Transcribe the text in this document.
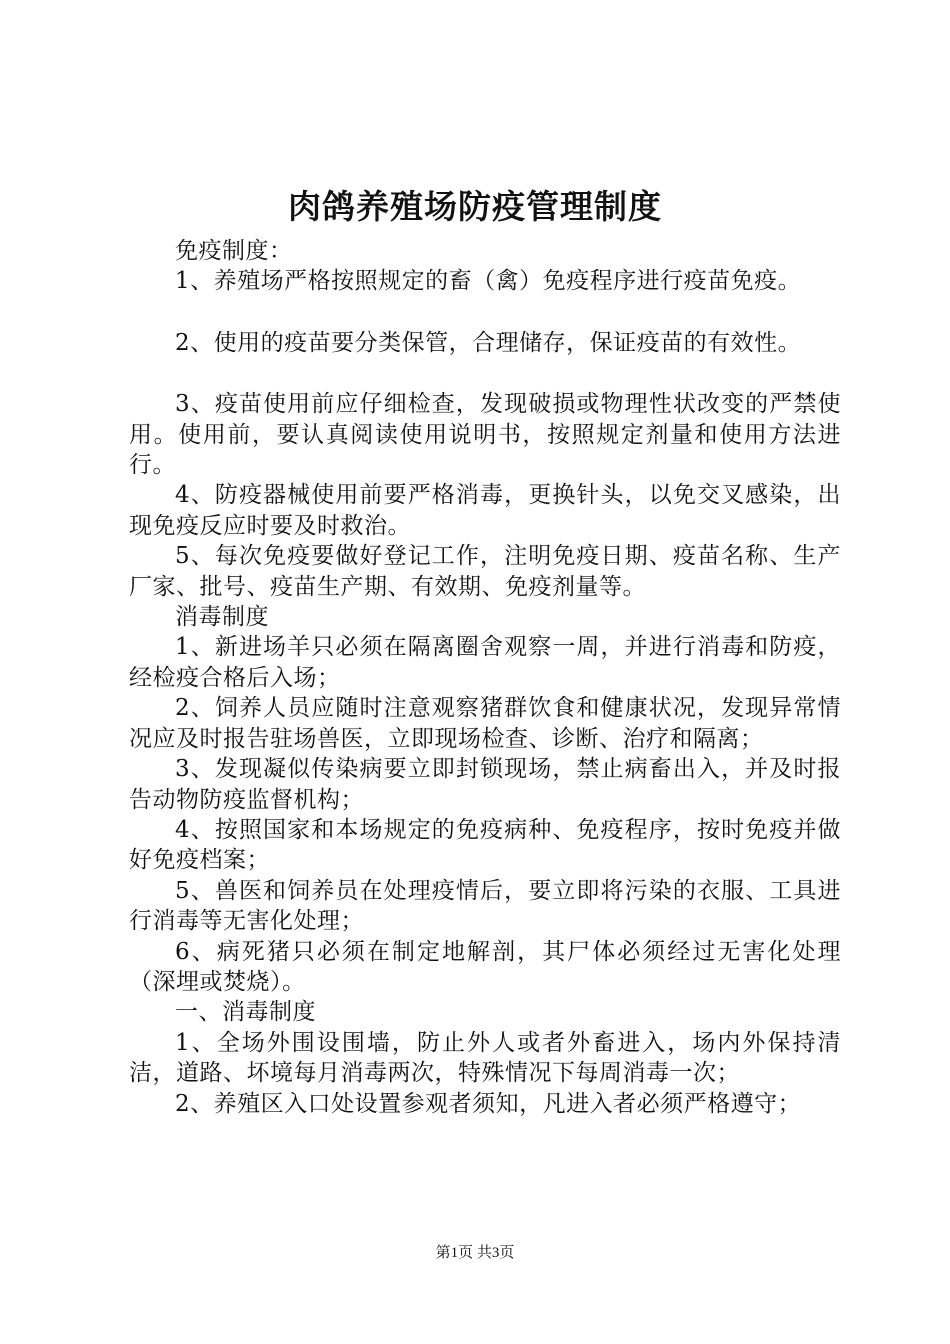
肉鸽养殖场防疫管理制度

免疫制度：

1、养殖场严格按照规定的畜（禽）免疫程序进行疫苗免疫。

2、使用的疫苗要分类保管，合理储存，保证疫苗的有效性。

3、疫苗使用前应仔细检查，发现破损或物理性状改变的严禁使用。使用前，要认真阅读使用说明书，按照规定剂量和使用方法进行。

4、防疫器械使用前要严格消毒，更换针头，以免交叉感染，出现免疫反应时要及时救治。

5、每次免疫要做好登记工作，注明免疫日期、疫苗名称、生产厂家、批号、疫苗生产期、有效期、免疫剂量等。

消毒制度

1、新进场羊只必须在隔离圈舍观察一周，并进行消毒和防疫，经检疫合格后入场；

2、饲养人员应随时注意观察猪群饮食和健康状况，发现异常情况应及时报告驻场兽医，立即现场检查、诊断、治疗和隔离；

3、发现凝似传染病要立即封锁现场，禁止病畜出入，并及时报告动物防疫监督机构；

4、按照国家和本场规定的免疫病种、免疫程序，按时免疫并做好免疫档案；

5、兽医和饲养员在处理疫情后，要立即将污染的衣服、工具进行消毒等无害化处理；

6、病死猪只必须在制定地解剖，其尸体必须经过无害化处理（深埋或焚烧）。

一、消毒制度

1、全场外围设围墙，防止外人或者外畜进入，场内外保持清洁，道路、坏境每月消毒两次，特殊情况下每周消毒一次；

2、养殖区入口处设置参观者须知，凡进入者必须严格遵守；

第1页 共3页
